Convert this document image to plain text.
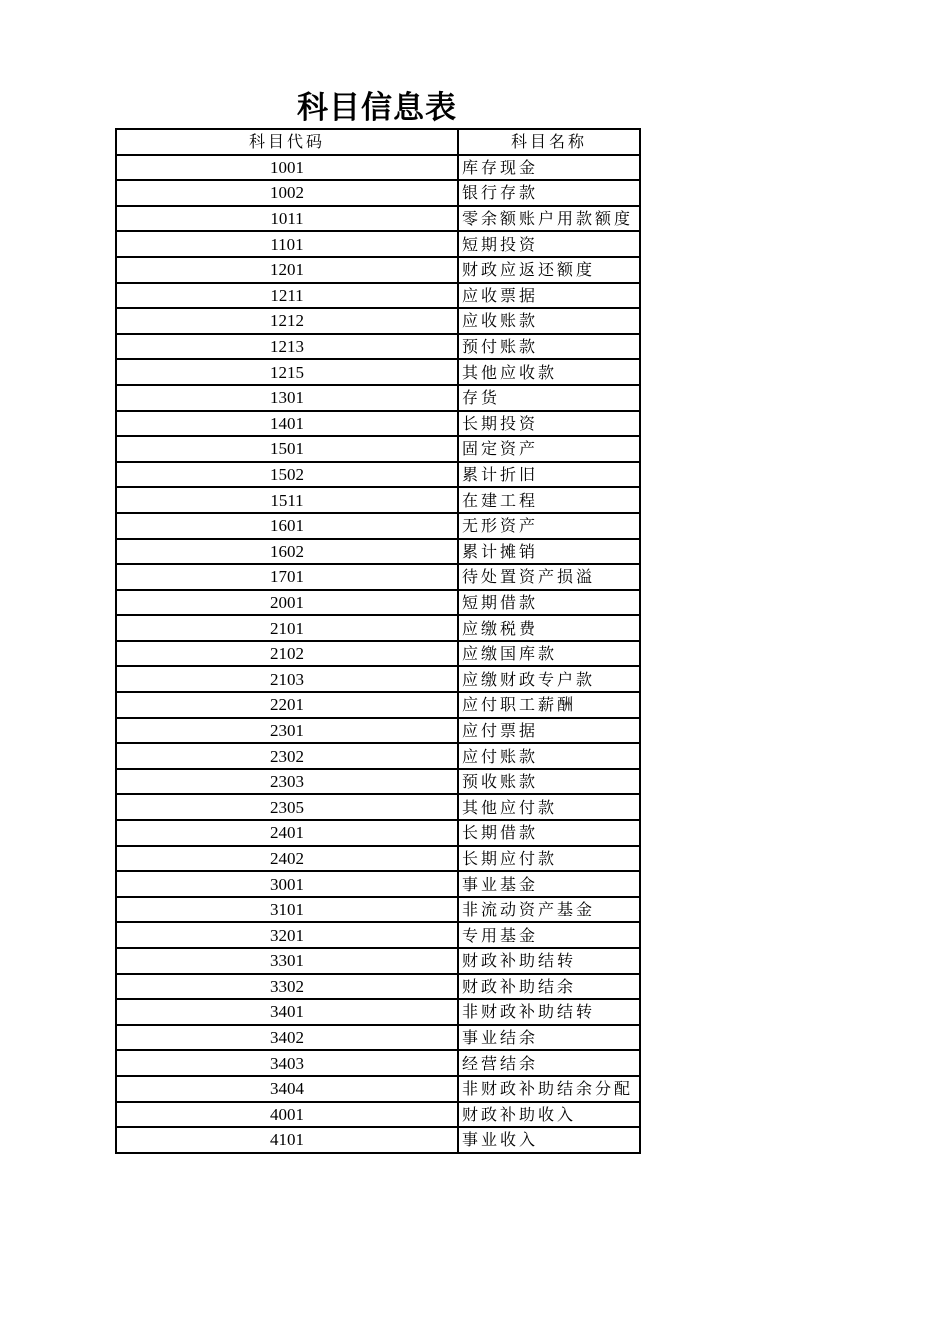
科目信息表
科目代码	科目名称
1001	库存现金
1002	银行存款
1011	零余额账户用款额度
1101	短期投资
1201	财政应返还额度
1211	应收票据
1212	应收账款
1213	预付账款
1215	其他应收款
1301	存货
1401	长期投资
1501	固定资产
1502	累计折旧
1511	在建工程
1601	无形资产
1602	累计摊销
1701	待处置资产损溢
2001	短期借款
2101	应缴税费
2102	应缴国库款
2103	应缴财政专户款
2201	应付职工薪酬
2301	应付票据
2302	应付账款
2303	预收账款
2305	其他应付款
2401	长期借款
2402	长期应付款
3001	事业基金
3101	非流动资产基金
3201	专用基金
3301	财政补助结转
3302	财政补助结余
3401	非财政补助结转
3402	事业结余
3403	经营结余
3404	非财政补助结余分配
4001	财政补助收入
4101	事业收入
